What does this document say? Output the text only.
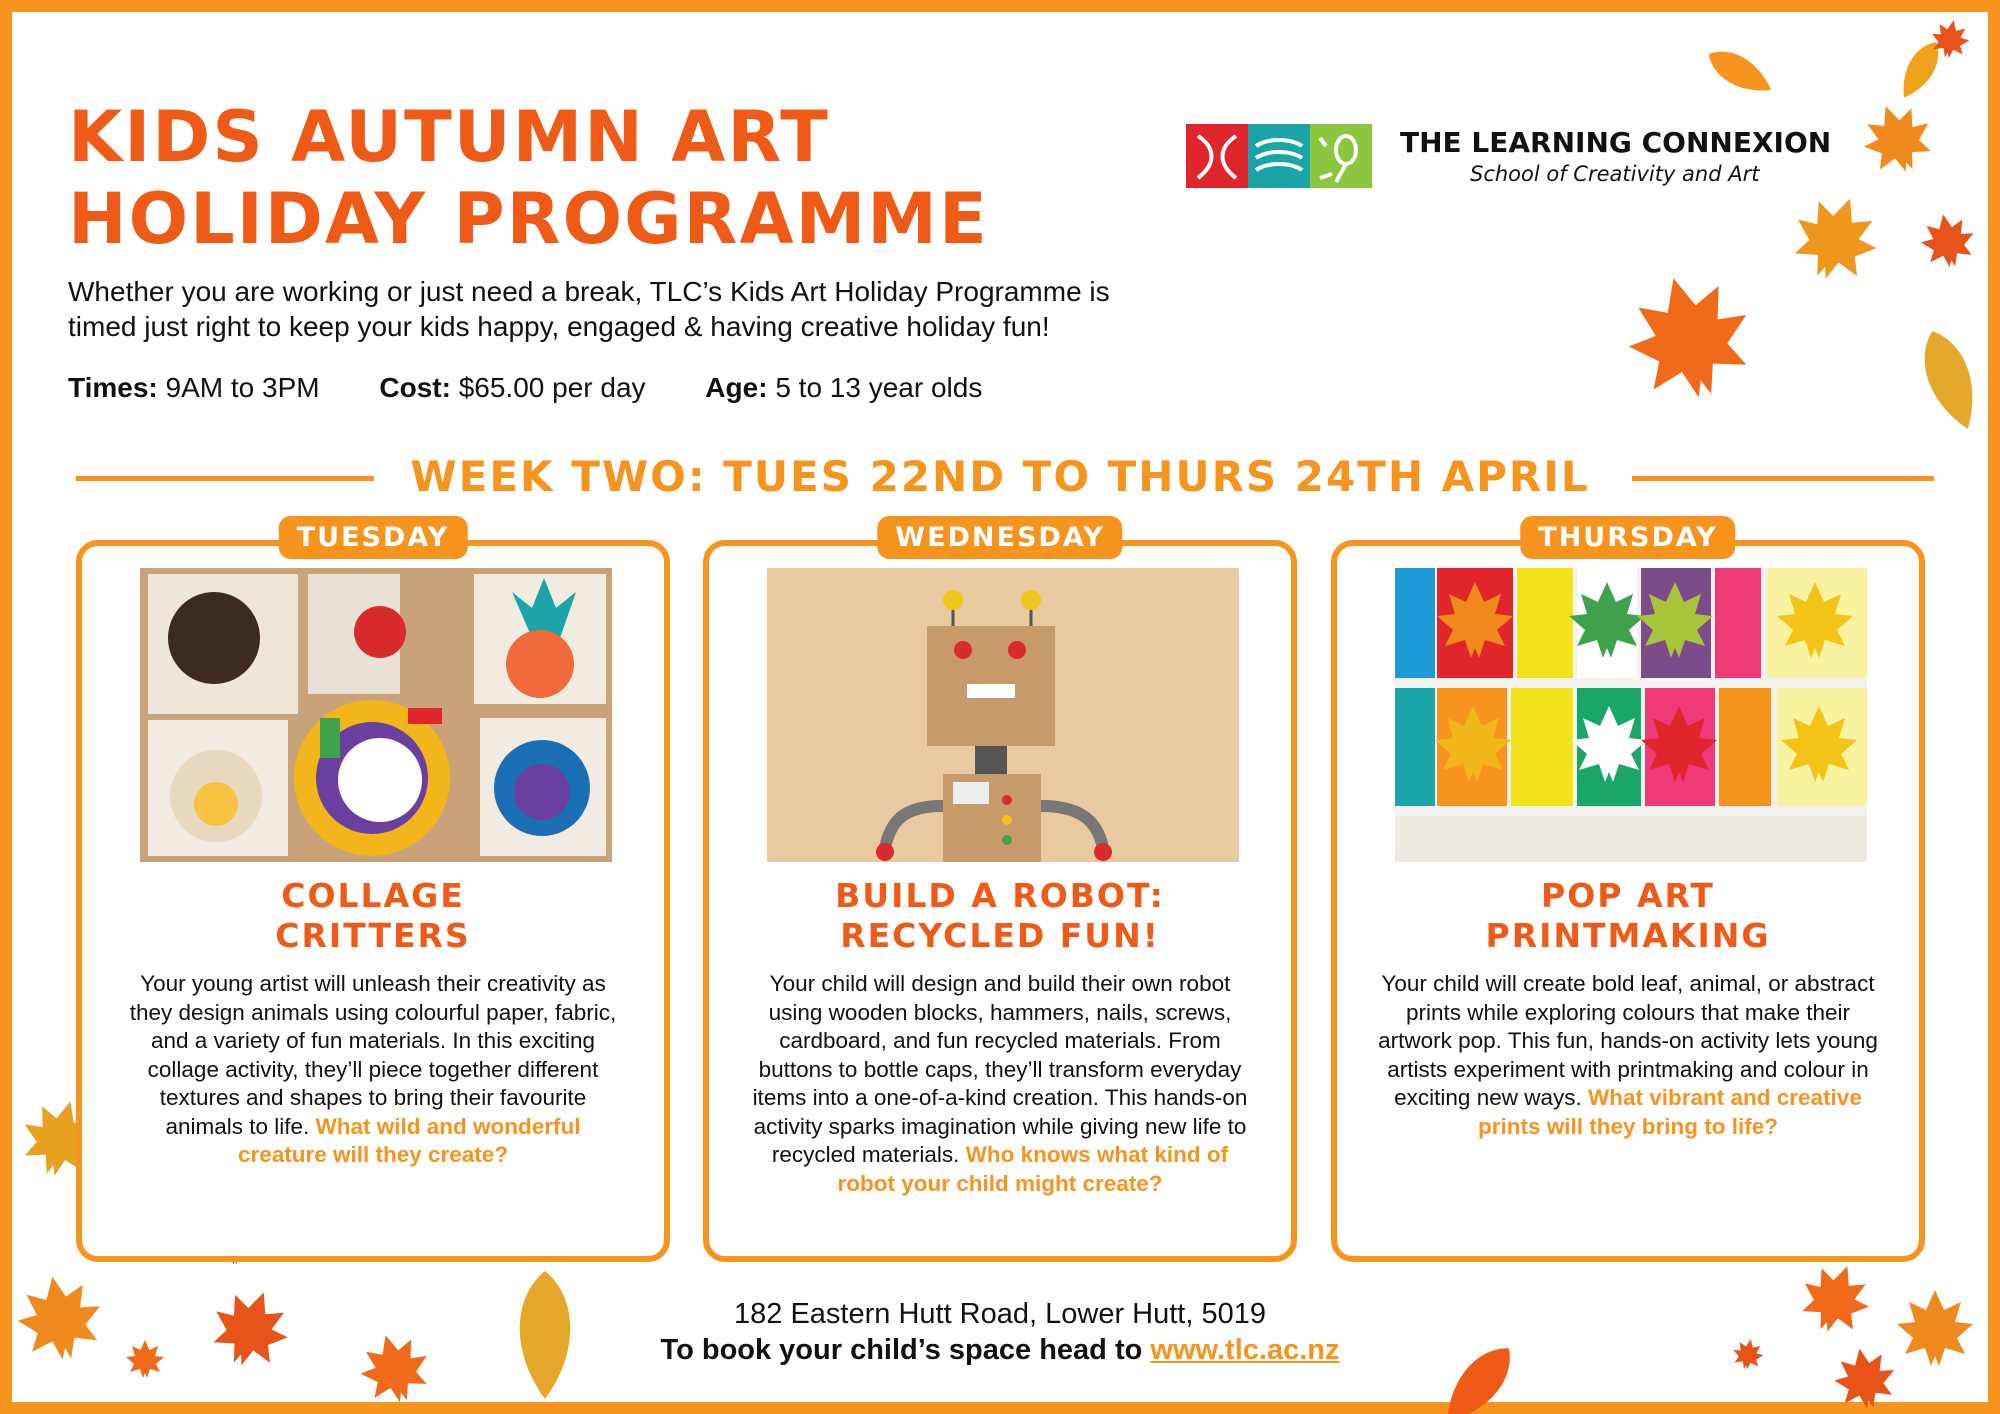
KIDS AUTUMN ART
HOLIDAY PROGRAMME
THE LEARNING CONNEXION
School of Creativity and Art

Whether you are working or just need a break, TLC’s Kids Art Holiday Programme is
timed just right to keep your kids happy, engaged & having creative holiday fun!

Times: 9AM to 3PM Cost: $65.00 per day Age: 5 to 13 year olds
WEEK TWO: TUES 22ND TO THURS 24TH APRIL
TUESDAY
COLLAGE
CRITTERS

Your young artist will unleash their creativity as they design animals using colourful paper, fabric, and a variety of fun materials. In this exciting collage activity, they’ll piece together different textures and shapes to bring their favourite animals to life. What wild and wonderful creature will they create?

WEDNESDAY
BUILD A ROBOT:
RECYCLED FUN!

Your child will design and build their own robot using wooden blocks, hammers, nails, screws, cardboard, and fun recycled materials. From buttons to bottle caps, they’ll transform everyday items into a one-of-a-kind creation. This hands-on activity sparks imagination while giving new life to recycled materials. Who knows what kind of robot your child might create?

THURSDAY
POP ART
PRINTMAKING

Your child will create bold leaf, animal, or abstract prints while exploring colours that make their artwork pop. This fun, hands-on activity lets young artists experiment with printmaking and colour in exciting new ways. What vibrant and creative prints will they bring to life?

182 Eastern Hutt Road, Lower Hutt, 5019
To book your child’s space head to www.tlc.ac.nz
